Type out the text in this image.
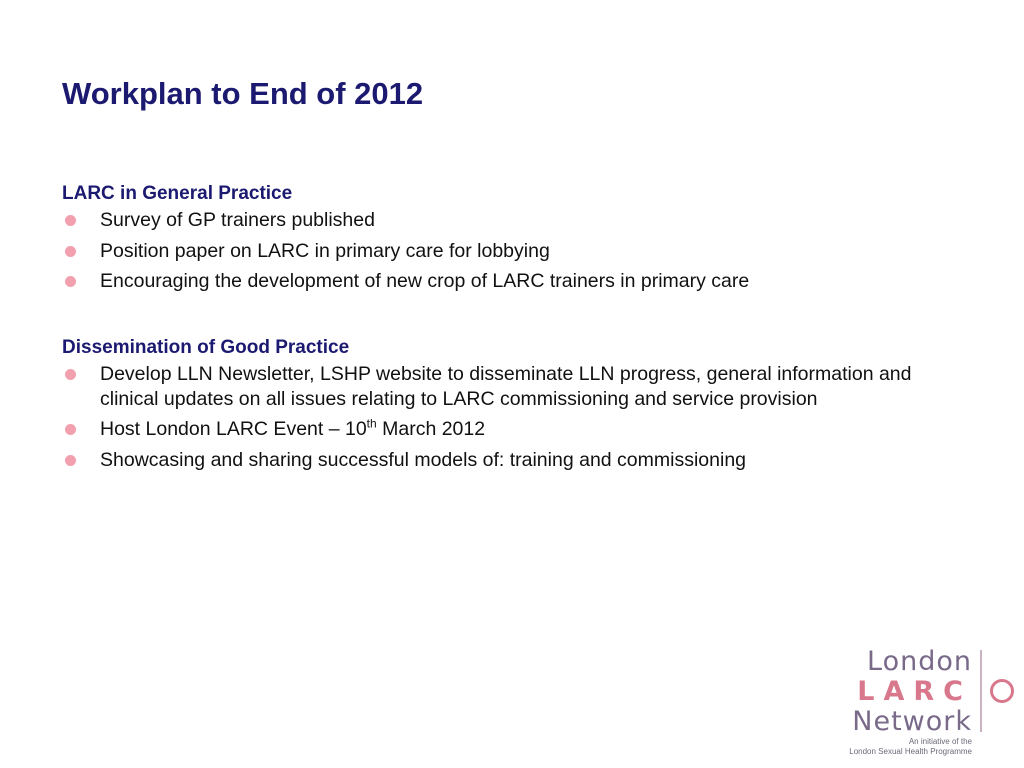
Workplan to End of 2012
LARC in General Practice
Survey of GP trainers published
Position paper on LARC in primary care for lobbying
Encouraging the development of new crop of LARC trainers in primary care
Dissemination of Good Practice
Develop LLN Newsletter, LSHP website to disseminate LLN progress, general information and clinical updates on all issues relating to LARC commissioning and service provision
Host London LARC Event – 10th March 2012
Showcasing and sharing successful models of: training and commissioning
London
LARC
Network
An initiative of the
London Sexual Health Programme
